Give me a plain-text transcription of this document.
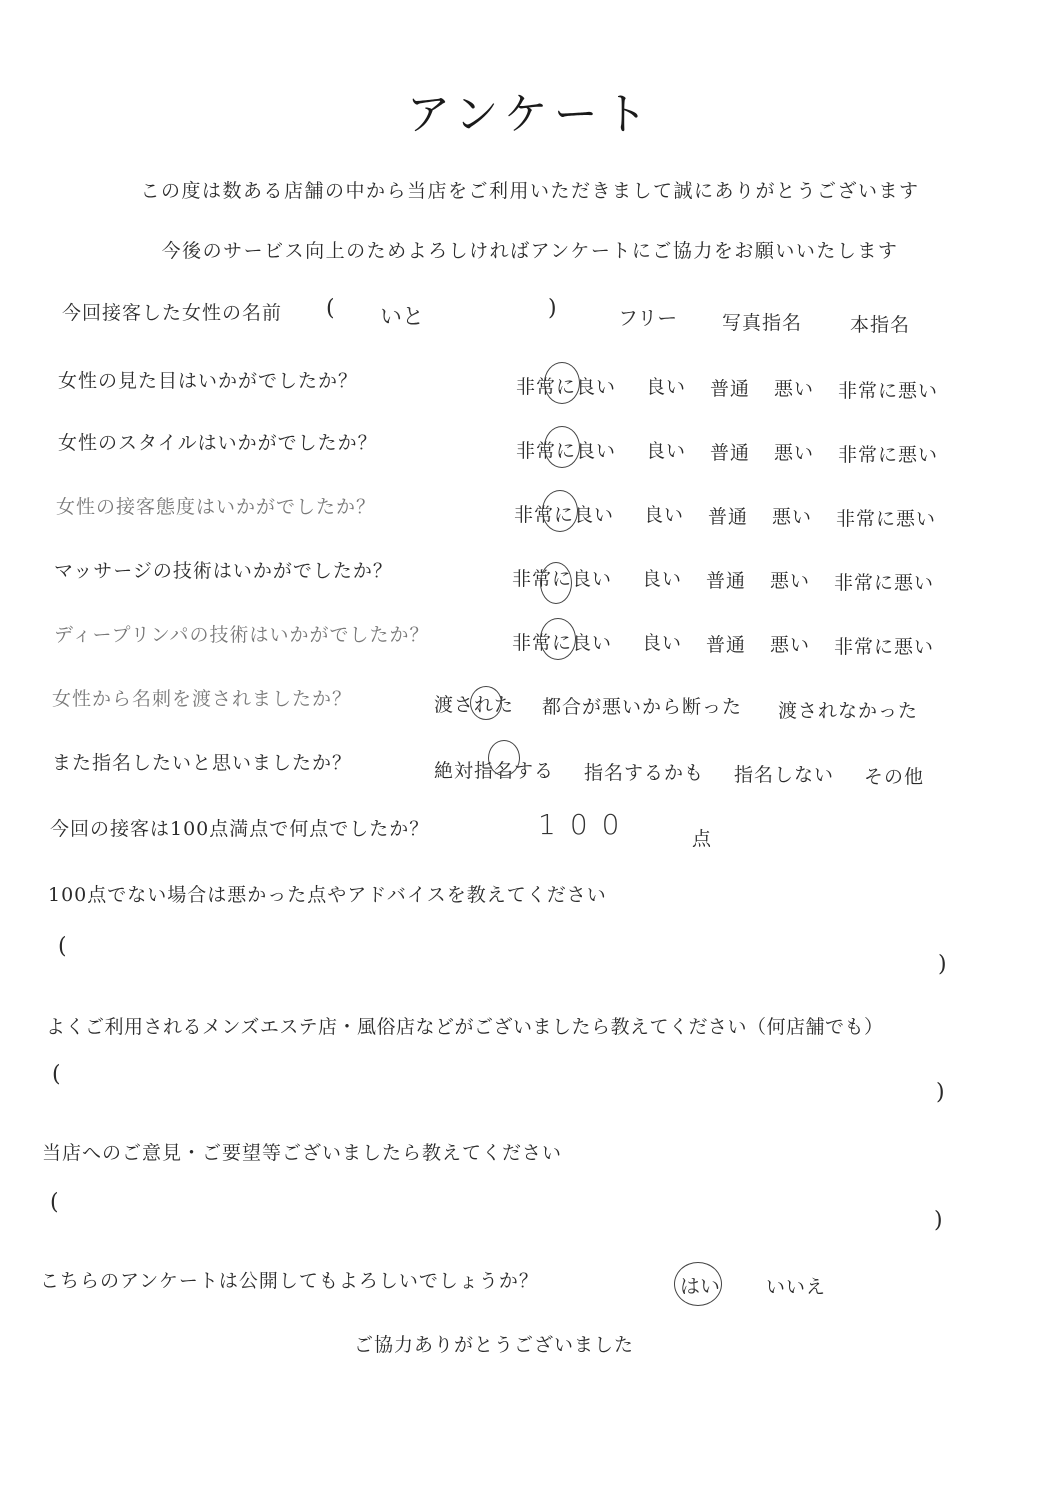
アンケート
この度は数ある店舗の中から当店をご利用いただきまして誠にありがとうございます
今後のサービス向上のためよろしければアンケートにご協力をお願いいたします
今回接客した女性の名前 ( いと	)	フリー 写真指名	本指名
女性の見た目はいかがでしたか？	非常に良い 良い 普通 悪い 非常に悪い
女性のスタイルはいかがでしたか？	非常に良い 良い 普通 悪い 非常に悪い
女性の接客態度はいかがでしたか？	非常に良い 良い 普通 悪い 非常に悪い
マッサージの技術はいかがでしたか？	非常に良い 良い 普通 悪い 非常に悪い
ディープリンパの技術はいかがでしたか？	非常に良い 良い 普通 悪い 非常に悪い
女性から名刺を渡されましたか？	渡された 都合が悪いから断った 渡されなかった
また指名したいと思いましたか？	絶対指名する 指名するかも 指名しない その他
今回の接客は100点満点で何点でしたか？	100	点
100点でない場合は悪かった点やアドバイスを教えてください
(
)
よくご利用されるメンズエステ店・風俗店などがございましたら教えてください（何店舗でも）
(
)
当店へのご意見・ご要望等ございましたら教えてください
(
)
こちらのアンケートは公開してもよろしいでしょうか？	はい いいえ
ご協力ありがとうございました
